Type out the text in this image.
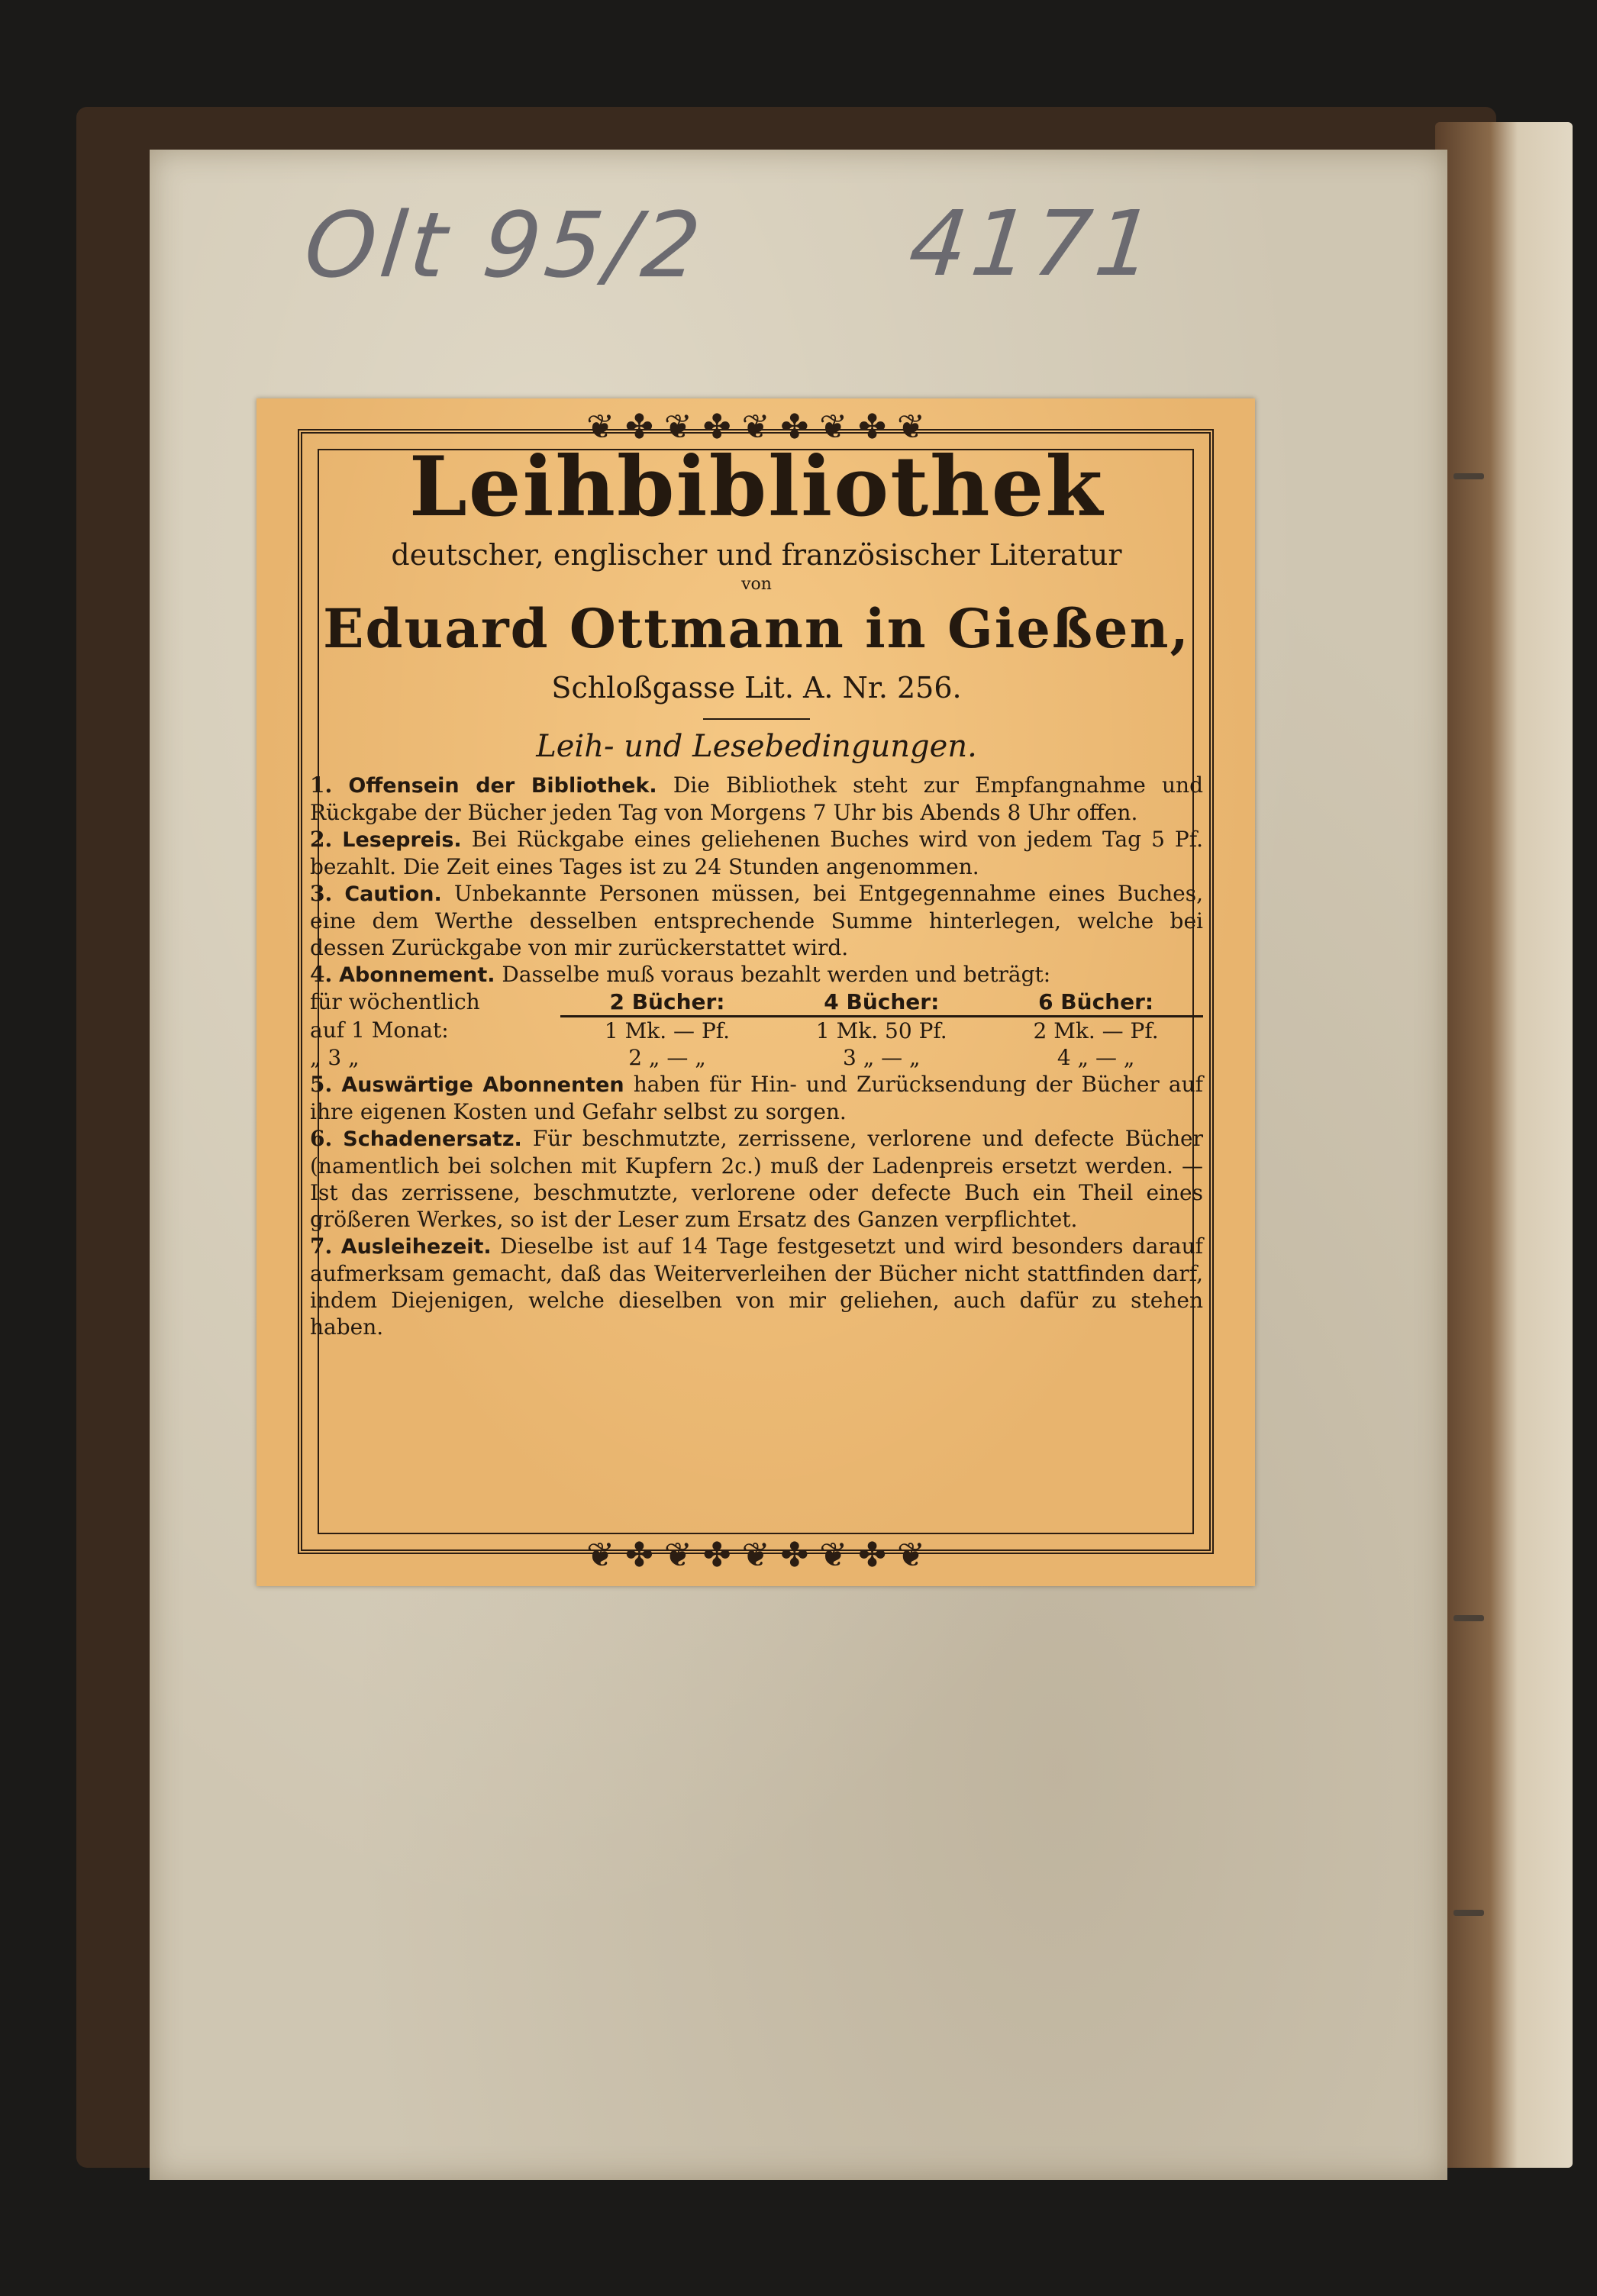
Olt 95/2 4171
❦ ✤ ❦ ✤ ❦ ✤ ❦ ✤ ❦
❦ ✤ ❦ ✤ ❦ ✤ ❦ ✤ ❦
Leihbibliothek

deutscher, englischer und französischer Literatur

von

Eduard Ottmann in Gießen,

Schloßgasse Lit. A. Nr. 256.

Leih- und Lesebedingungen.

1. Offensein der Bibliothek. Die Bibliothek steht zur Empfangnahme und Rückgabe der Bücher jeden Tag von Morgens 7 Uhr bis Abends 8 Uhr offen.

2. Lesepreis. Bei Rückgabe eines geliehenen Buches wird von jedem Tag 5 Pf. bezahlt. Die Zeit eines Tages ist zu 24 Stunden angenommen.

3. Caution. Unbekannte Personen müssen, bei Entgegennahme eines Buches, eine dem Werthe desselben entsprechende Summe hinterlegen, welche bei dessen Zurückgabe von mir zurückerstattet wird.

4. Abonnement. Dasselbe muß voraus bezahlt werden und beträgt:

für wöchentlich	2 Bücher:	4 Bücher:	6 Bücher:
auf 1 Monat:	1 Mk. — Pf.	1 Mk. 50 Pf.	2 Mk. — Pf.
„ 3 „	2 „ — „	3 „ — „	4 „ — „

5. Auswärtige Abonnenten haben für Hin- und Zurücksendung der Bücher auf ihre eigenen Kosten und Gefahr selbst zu sorgen.

6. Schadenersatz. Für beschmutzte, zerrissene, verlorene und defecte Bücher (namentlich bei solchen mit Kupfern 2c.) muß der Ladenpreis ersetzt werden. — Ist das zerrissene, beschmutzte, verlorene oder defecte Buch ein Theil eines größeren Werkes, so ist der Leser zum Ersatz des Ganzen verpflichtet.

7. Ausleihezeit. Dieselbe ist auf 14 Tage festgesetzt und wird besonders darauf aufmerksam gemacht, daß das Weiterverleihen der Bücher nicht stattfinden darf, indem Diejenigen, welche dieselben von mir geliehen, auch dafür zu stehen haben.
